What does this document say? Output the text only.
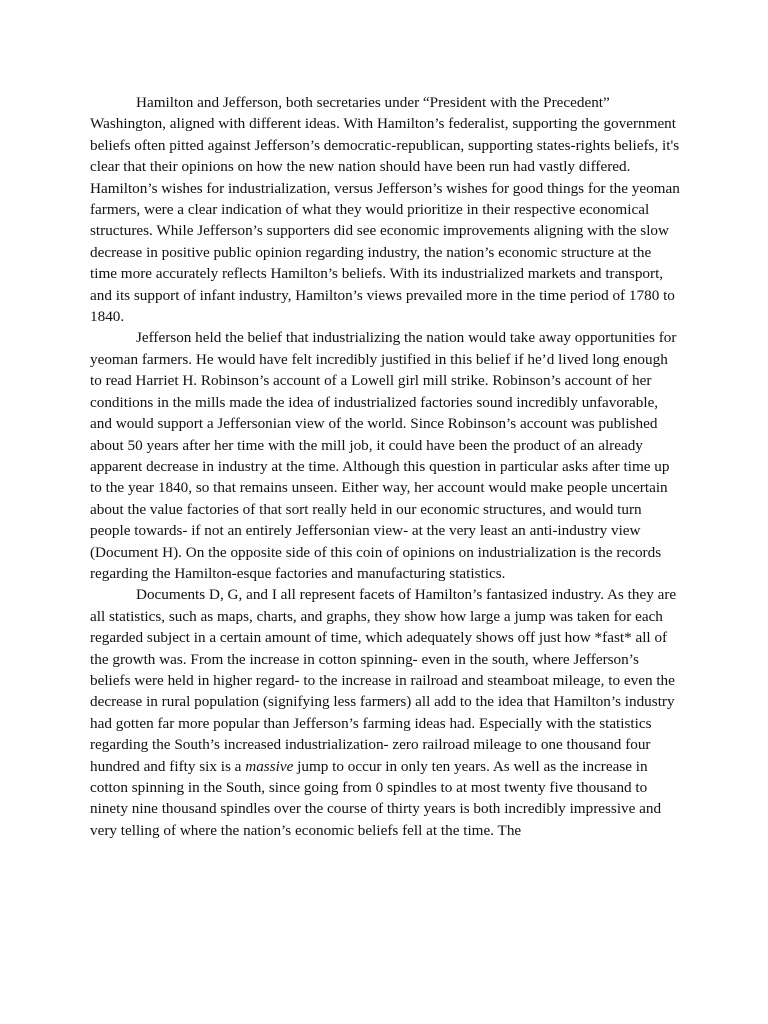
Hamilton and Jefferson, both secretaries under “President with the Precedent” Washington, aligned with different ideas. With Hamilton’s federalist, supporting the government beliefs often pitted against Jefferson’s democratic-republican, supporting states-rights beliefs, it's clear that their opinions on how the new nation should have been run had vastly differed. Hamilton’s wishes for industrialization, versus Jefferson’s wishes for good things for the yeoman farmers, were a clear indication of what they would prioritize in their respective economical structures. While Jefferson’s supporters did see economic improvements aligning with the slow decrease in positive public opinion regarding industry, the nation’s economic structure at the time more accurately reflects Hamilton’s beliefs. With its industrialized markets and transport, and its support of infant industry, Hamilton’s views prevailed more in the time period of 1780 to 1840.

Jefferson held the belief that industrializing the nation would take away opportunities for yeoman farmers. He would have felt incredibly justified in this belief if he’d lived long enough to read Harriet H. Robinson’s account of a Lowell girl mill strike. Robinson’s account of her conditions in the mills made the idea of industrialized factories sound incredibly unfavorable, and would support a Jeffersonian view of the world. Since Robinson’s account was published about 50 years after her time with the mill job, it could have been the product of an already apparent decrease in industry at the time. Although this question in particular asks after time up to the year 1840, so that remains unseen. Either way, her account would make people uncertain about the value factories of that sort really held in our economic structures, and would turn people towards- if not an entirely Jeffersonian view- at the very least an anti-industry view (Document H). On the opposite side of this coin of opinions on industrialization is the records regarding the Hamilton-esque factories and manufacturing statistics.

Documents D, G, and I all represent facets of Hamilton’s fantasized industry. As they are all statistics, such as maps, charts, and graphs, they show how large a jump was taken for each regarded subject in a certain amount of time, which adequately shows off just how *fast* all of the growth was. From the increase in cotton spinning- even in the south, where Jefferson’s beliefs were held in higher regard- to the increase in railroad and steamboat mileage, to even the decrease in rural population (signifying less farmers) all add to the idea that Hamilton’s industry had gotten far more popular than Jefferson’s farming ideas had. Especially with the statistics regarding the South’s increased industrialization- zero railroad mileage to one thousand four hundred and fifty six is a massive jump to occur in only ten years. As well as the increase in cotton spinning in the South, since going from 0 spindles to at most twenty five thousand to ninety nine thousand spindles over the course of thirty years is both incredibly impressive and very telling of where the nation’s economic beliefs fell at the time. The
